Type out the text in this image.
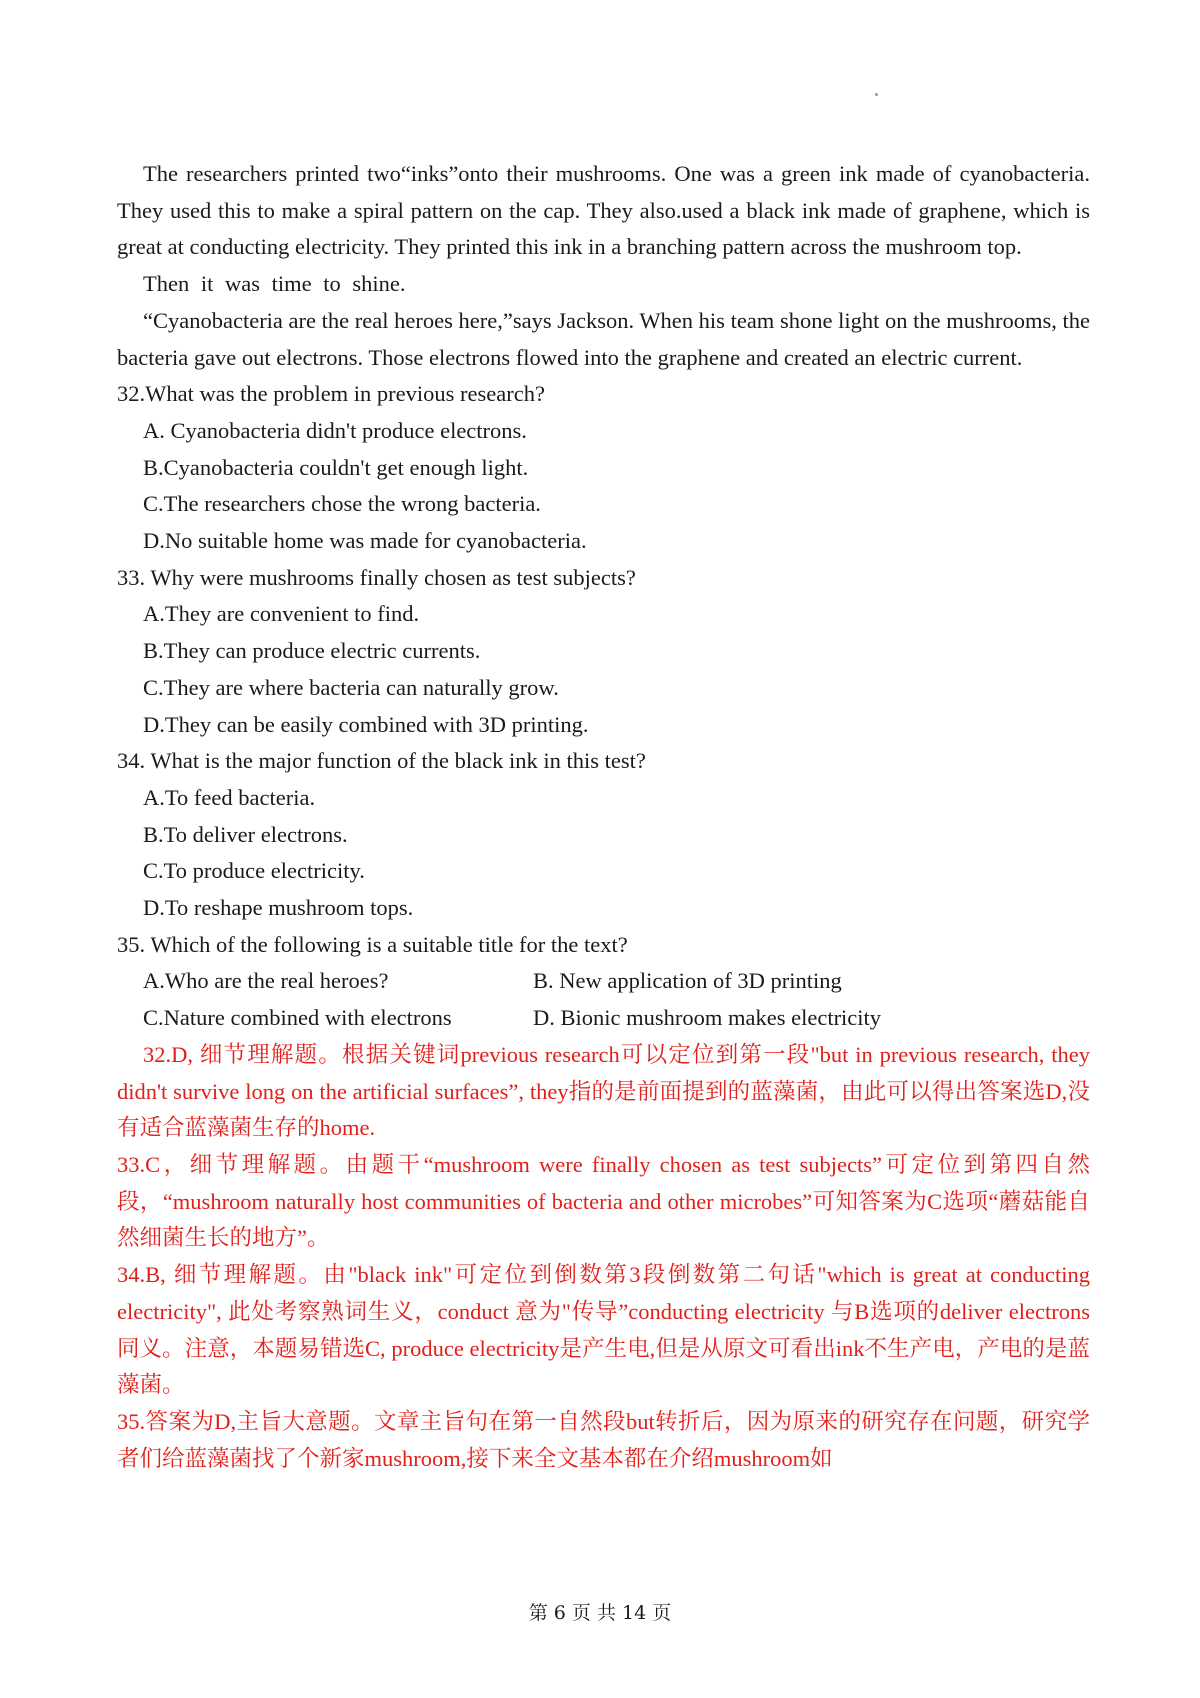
The researchers printed two“inks”onto their mushrooms. One was a green ink made of cyanobacteria. They used this to make a spiral pattern on the cap. They also.used a black ink made of graphene, which is great at conducting electricity. They printed this ink in a branching pattern across the mushroom top.

Then it was time to shine.

“Cyanobacteria are the real heroes here,”says Jackson. When his team shone light on the mushrooms, the bacteria gave out electrons. Those electrons flowed into the graphene and created an electric current.

32.What was the problem in previous research?

A. Cyanobacteria didn't produce electrons.

B.Cyanobacteria couldn't get enough light.

C.The researchers chose the wrong bacteria.

D.No suitable home was made for cyanobacteria.

33. Why were mushrooms finally chosen as test subjects?

A.They are convenient to find.

B.They can produce electric currents.

C.They are where bacteria can naturally grow.

D.They can be easily combined with 3D printing.

34. What is the major function of the black ink in this test?

A.To feed bacteria.

B.To deliver electrons.

C.To produce electricity.

D.To reshape mushroom tops.

35. Which of the following is a suitable title for the text?

A.Who are the real heroes?	B. New application of 3D printing
C.Nature combined with electrons	D. Bionic mushroom makes electricity

32.D, 细节理解题。根据关键词previous research可以定位到第一段"but in previous research, they didn't survive long on the artificial surfaces”, they指的是前面提到的蓝藻菌，由此可以得出答案选D,没有适合蓝藻菌生存的home.

33.C，细节理解题。由题干“mushroom were finally chosen as test subjects”可定位到第四自然段，“mushroom naturally host communities of bacteria and other microbes”可知答案为C选项“蘑菇能自然细菌生长的地方”。

34.B, 细节理解题。由"black ink"可定位到倒数第3段倒数第二句话"which is great at conducting electricity", 此处考察熟词生义，conduct 意为"传导”conducting electricity 与B选项的deliver electrons同义。注意，本题易错选C, produce electricity是产生电,但是从原文可看出ink不生产电，产电的是蓝藻菌。

35.答案为D,主旨大意题。文章主旨句在第一自然段but转折后，因为原来的研究存在问题，研究学者们给蓝藻菌找了个新家mushroom,接下来全文基本都在介绍mushroom如

第 6 页 共 14 页
